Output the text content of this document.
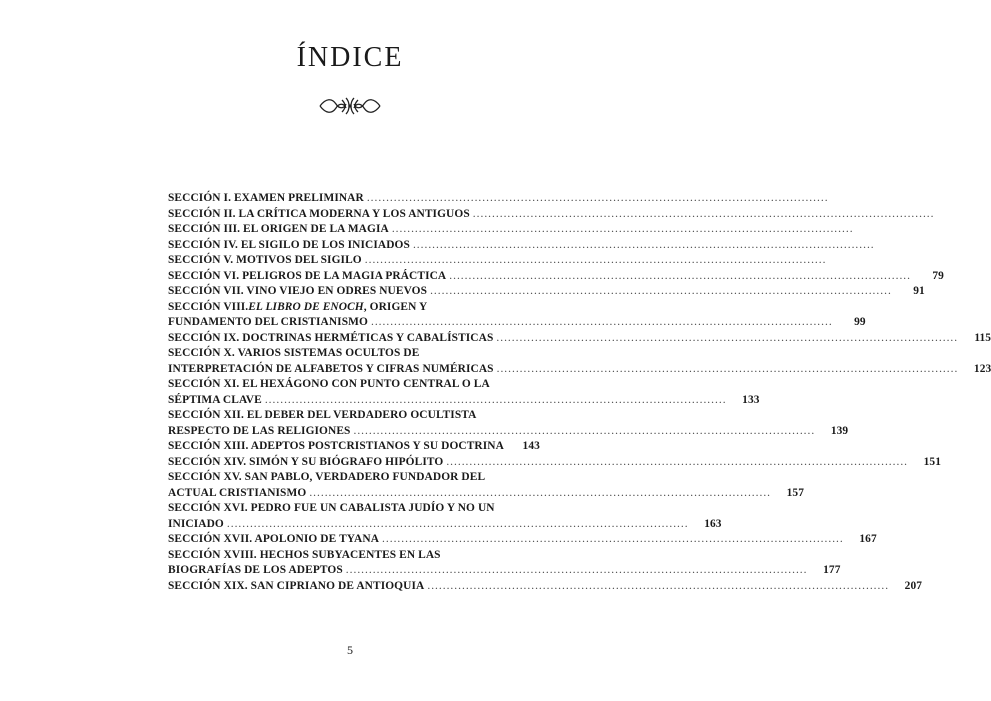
ÍNDICE
SECCIÓN I. EXAMEN PRELIMINAR ........................................................................................................................
SECCIÓN II. LA CRÍTICA MODERNA Y LOS ANTIGUOS ........................................................................................................................
SECCIÓN III. EL ORIGEN DE LA MAGIA ........................................................................................................................
SECCIÓN IV. EL SIGILO DE LOS INICIADOS ........................................................................................................................
SECCIÓN V. MOTIVOS DEL SIGILO ........................................................................................................................
SECCIÓN VI. PELIGROS DE LA MAGIA PRÁCTICA ........................................................................................................................	79
SECCIÓN VII. VINO VIEJO EN ODRES NUEVOS ........................................................................................................................	91
SECCIÓN VIII. EL LIBRO DE ENOCH , ORIGEN Y
FUNDAMENTO DEL CRISTIANISMO ........................................................................................................................	99
SECCIÓN IX. DOCTRINAS HERMÉTICAS Y CABALÍSTICAS ........................................................................................................................	115
SECCIÓN X. VARIOS SISTEMAS OCULTOS DE
INTERPRETACIÓN DE ALFABETOS Y CIFRAS NUMÉRICAS ........................................................................................................................	123
SECCIÓN XI. EL HEXÁGONO CON PUNTO CENTRAL O LA
SÉPTIMA CLAVE ........................................................................................................................	133
SECCIÓN XII. EL DEBER DEL VERDADERO OCULTISTA
RESPECTO DE LAS RELIGIONES ........................................................................................................................	139
SECCIÓN XIII. ADEPTOS POSTCRISTIANOS Y SU DOCTRINA	143
SECCIÓN XIV. SIMÓN Y SU BIÓGRAFO HIPÓLITO ........................................................................................................................	151
SECCIÓN XV. SAN PABLO, VERDADERO FUNDADOR DEL
ACTUAL CRISTIANISMO ........................................................................................................................	157
SECCIÓN XVI. PEDRO FUE UN CABALISTA JUDÍO Y NO UN
INICIADO ........................................................................................................................	163
SECCIÓN XVII. APOLONIO DE TYANA ........................................................................................................................	167
SECCIÓN XVIII. HECHOS SUBYACENTES EN LAS
BIOGRAFÍAS DE LOS ADEPTOS ........................................................................................................................	177
SECCIÓN XIX. SAN CIPRIANO DE ANTIOQUIA ........................................................................................................................	207
5
